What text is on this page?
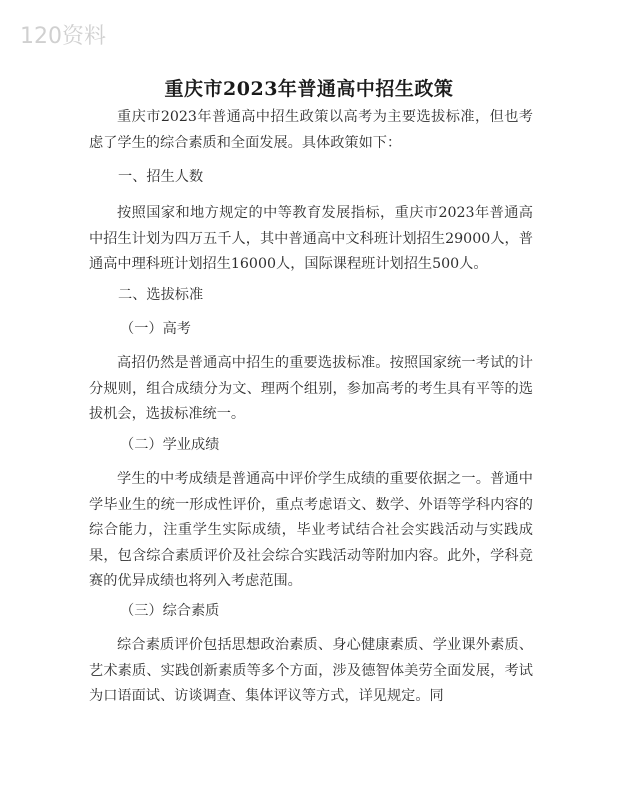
120资料
重庆市2023年普通高中招生政策
重庆市2023年普通高中招生政策以高考为主要选拔标准，但也考虑了学生的综合素质和全面发展。具体政策如下：
一、招生人数
按照国家和地方规定的中等教育发展指标，重庆市2023年普通高中招生计划为四万五千人，其中普通高中文科班计划招生29000人，普通高中理科班计划招生16000人，国际课程班计划招生500人。
二、选拔标准
（一）高考
高招仍然是普通高中招生的重要选拔标准。按照国家统一考试的计分规则，组合成绩分为文、理两个组别，参加高考的考生具有平等的选拔机会，选拔标准统一。
（二）学业成绩
学生的中考成绩是普通高中评价学生成绩的重要依据之一。普通中学毕业生的统一形成性评价，重点考虑语文、数学、外语等学科内容的综合能力，注重学生实际成绩，毕业考试结合社会实践活动与实践成果，包含综合素质评价及社会综合实践活动等附加内容。此外，学科竞赛的优异成绩也将列入考虑范围。
（三）综合素质
综合素质评价包括思想政治素质、身心健康素质、学业课外素质、艺术素质、实践创新素质等多个方面，涉及德智体美劳全面发展，考试为口语面试、访谈调查、集体评议等方式，详见规定。同
